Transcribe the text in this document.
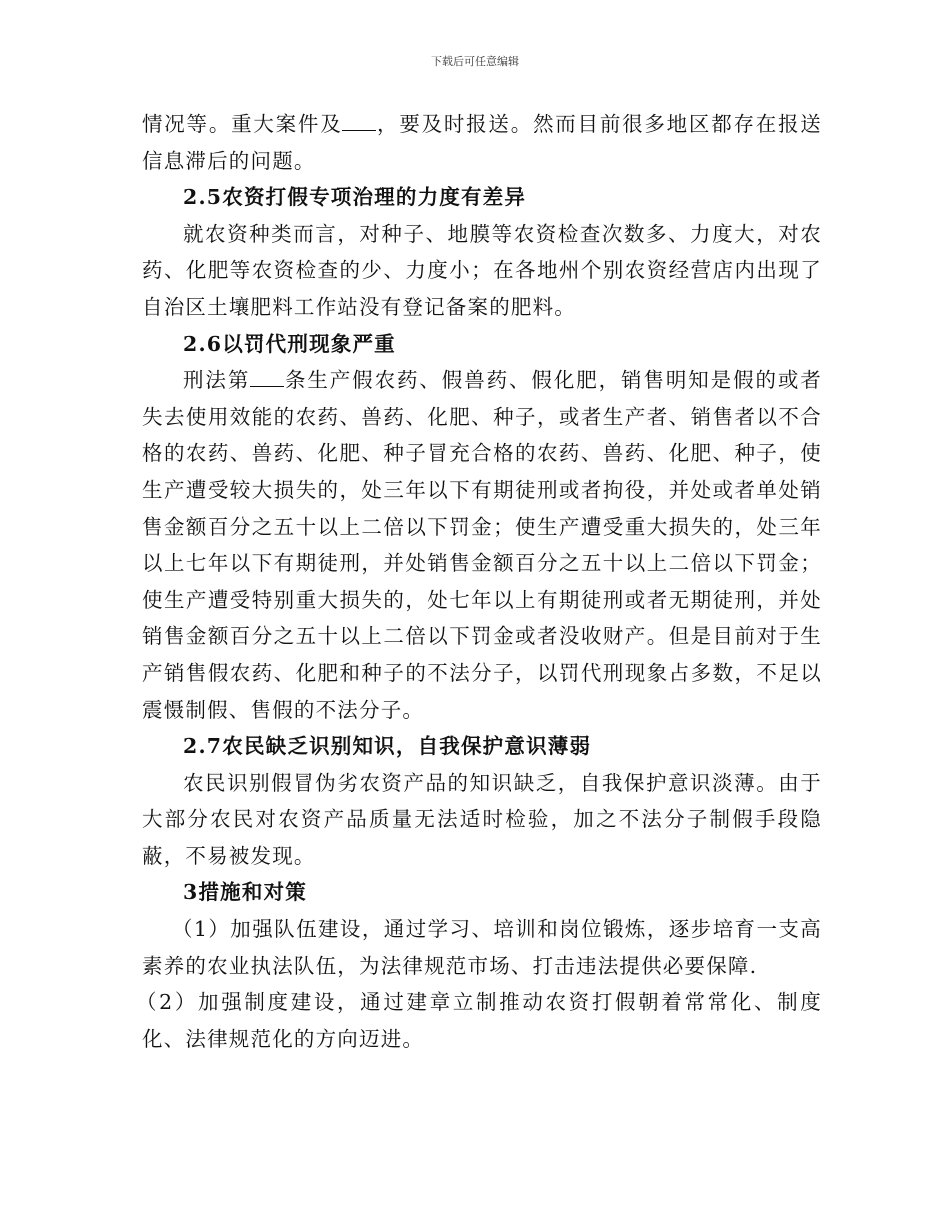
下载后可任意编辑

情况等。重大案件及 ，要及时报送。然而目前很多地区都存在报送信息滞后的问题。

2.5农资打假专项治理的力度有差异

就农资种类而言，对种子、地膜等农资检查次数多、力度大，对农药、化肥等农资检查的少、力度小；在各地州个别农资经营店内出现了自治区土壤肥料工作站没有登记备案的肥料。

2.6以罚代刑现象严重

刑法第 条生产假农药、假兽药、假化肥，销售明知是假的或者失去使用效能的农药、兽药、化肥、种子，或者生产者、销售者以不合格的农药、兽药、化肥、种子冒充合格的农药、兽药、化肥、种子，使生产遭受较大损失的，处三年以下有期徒刑或者拘役，并处或者单处销售金额百分之五十以上二倍以下罚金；使生产遭受重大损失的，处三年以上七年以下有期徒刑，并处销售金额百分之五十以上二倍以下罚金；使生产遭受特别重大损失的，处七年以上有期徒刑或者无期徒刑，并处销售金额百分之五十以上二倍以下罚金或者没收财产。但是目前对于生产销售假农药、化肥和种子的不法分子，以罚代刑现象占多数，不足以震慑制假、售假的不法分子。

2.7农民缺乏识别知识，自我保护意识薄弱

农民识别假冒伪劣农资产品的知识缺乏，自我保护意识淡薄。由于大部分农民对农资产品质量无法适时检验，加之不法分子制假手段隐蔽，不易被发现。

3措施和对策

（1）加强队伍建设，通过学习、培训和岗位锻炼，逐步培育一支高素养的农业执法队伍，为法律规范市场、打击违法提供必要保障.

（2）加强制度建设，通过建章立制推动农资打假朝着常常化、制度化、法律规范化的方向迈进。
